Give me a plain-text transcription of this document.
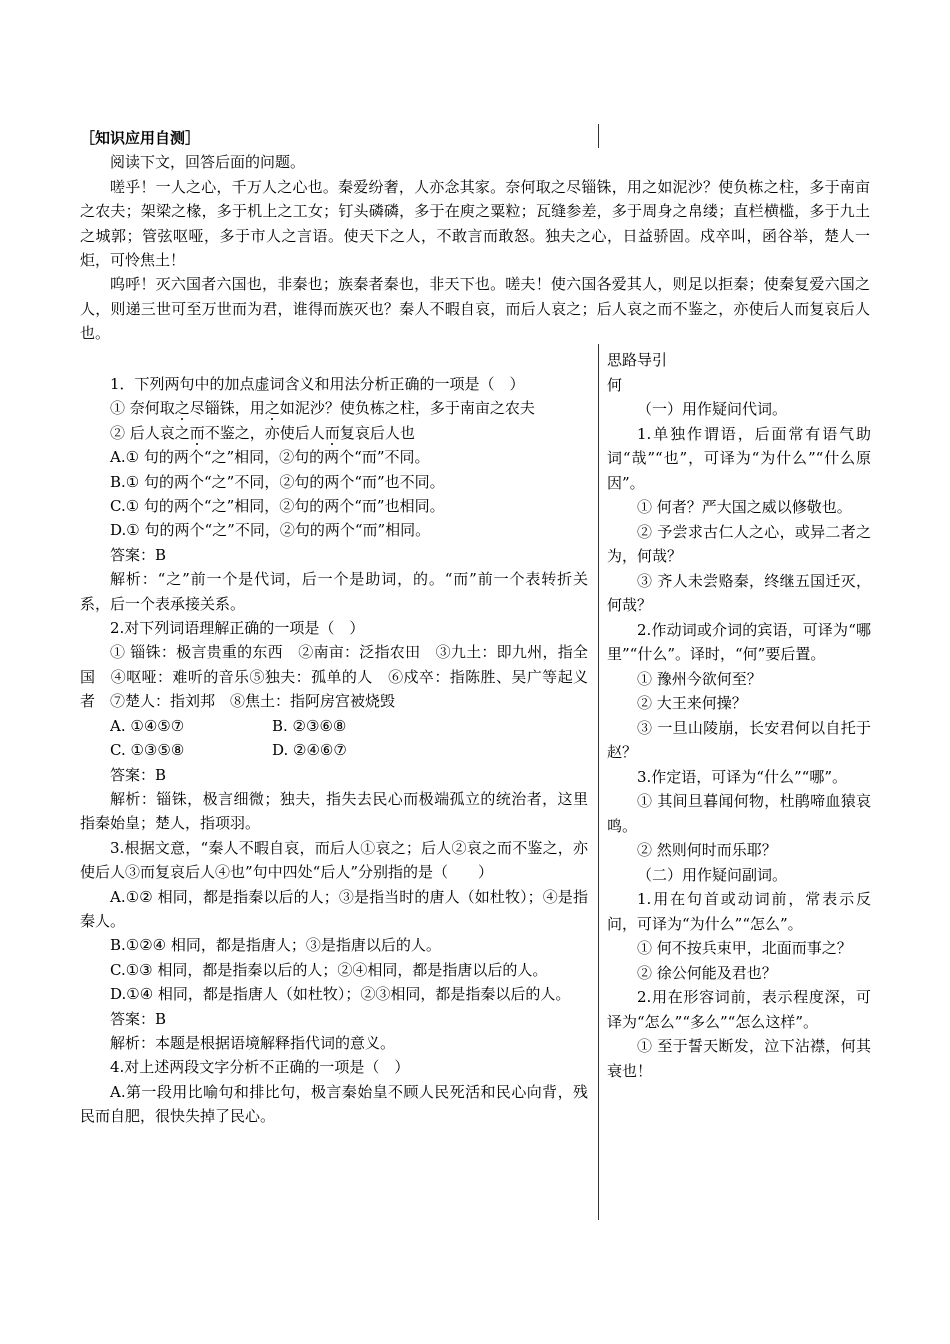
［知识应用自测］

阅读下文，回答后面的问题。

嗟乎！一人之心，千万人之心也。秦爱纷奢，人亦念其家。奈何取之尽锱铢，用之如泥沙？使负栋之柱，多于南亩之农夫；架梁之椽，多于机上之工女；钉头磷磷，多于在庾之粟粒；瓦缝参差，多于周身之帛缕；直栏横槛，多于九土之城郭；管弦呕哑，多于市人之言语。使天下之人，不敢言而敢怒。独夫之心，日益骄固。戍卒叫，函谷举，楚人一炬，可怜焦土！

呜呼！灭六国者六国也，非秦也；族秦者秦也，非天下也。嗟夫！使六国各爱其人，则足以拒秦；使秦复爱六国之人，则递三世可至万世而为君，谁得而族灭也？秦人不暇自哀，而后人哀之；后人哀之而不鉴之，亦使后人而复哀后人也。

1．下列两句中的加点虚词含义和用法分析正确的一项是（　）

① 奈何取之尽锱铢，用之如泥沙？使负栋之柱，多于南亩之农夫

② 后人哀之而不鉴之，亦使后人而复哀后人也

A.① 句的两个“之”相同，②句的两个“而”不同。

B.① 句的两个“之”不同，②句的两个“而”也不同。

C.① 句的两个“之”相同，②句的两个“而”也相同。

D.① 句的两个“之”不同，②句的两个“而”相同。

答案：B

解析：“之”前一个是代词，后一个是助词，的。“而”前一个表转折关系，后一个表承接关系。

2.对下列词语理解正确的一项是（　）

① 锱铢：极言贵重的东西　②南亩：泛指农田　③九土：即九州，指全国　④呕哑：难听的音乐⑤独夫：孤单的人　⑥戍卒：指陈胜、吴广等起义者　⑦楚人：指刘邦　⑧焦土：指阿房宫被烧毁

A. ①④⑤⑦	B. ②③⑥⑧

C. ①③⑤⑧	D. ②④⑥⑦

答案：B

解析：锱铢，极言细微；独夫，指失去民心而极端孤立的统治者，这里指秦始皇；楚人，指项羽。

3.根据文意，“秦人不暇自哀，而后人①哀之；后人②哀之而不鉴之，亦使后人③而复哀后人④也”句中四处“后人”分别指的是（　　）

A.①② 相同，都是指秦以后的人；③是指当时的唐人（如杜牧）；④是指秦人。

B.①②④ 相同，都是指唐人；③是指唐以后的人。

C.①③ 相同，都是指秦以后的人；②④相同，都是指唐以后的人。

D.①④ 相同，都是指唐人（如杜牧）；②③相同，都是指秦以后的人。

答案：B

解析：本题是根据语境解释指代词的意义。

4.对上述两段文字分析不正确的一项是（　）

A.第一段用比喻句和排比句，极言秦始皇不顾人民死活和民心向背，残民而自肥，很快失掉了民心。

思路导引

何

（一）用作疑问代词。

1.单独作谓语，后面常有语气助词“哉”“也”，可译为“为什么”“什么原因”。

① 何者？严大国之威以修敬也。

② 予尝求古仁人之心，或异二者之为，何哉？

③ 齐人未尝赂秦，终继五国迁灭，何哉？

2.作动词或介词的宾语，可译为“哪里”“什么”。译时，“何”要后置。

① 豫州今欲何至？

② 大王来何操？

③ 一旦山陵崩，长安君何以自托于赵？

3.作定语，可译为“什么”“哪”。

① 其间旦暮闻何物，杜鹃啼血猿哀鸣。

② 然则何时而乐耶？

（二）用作疑问副词。

1.用在句首或动词前，常表示反问，可译为“为什么”“怎么”。

① 何不按兵束甲，北面而事之？

② 徐公何能及君也？

2.用在形容词前，表示程度深，可译为“怎么”“多么”“怎么这样”。

① 至于誓天断发，泣下沾襟，何其衰也！
